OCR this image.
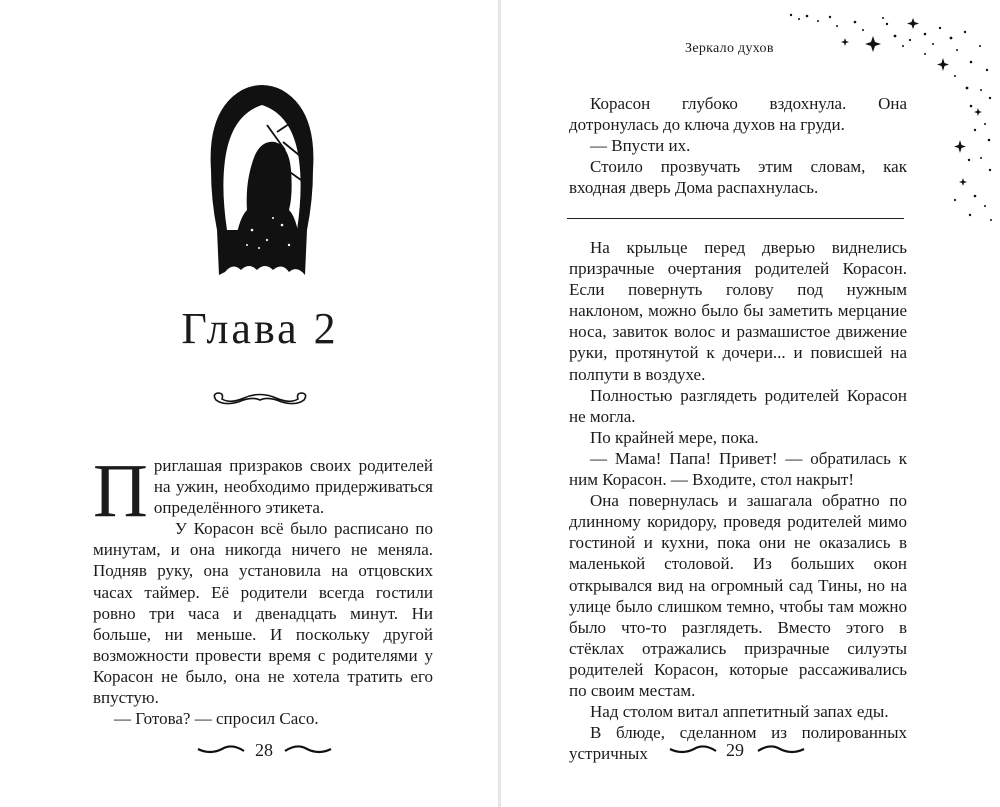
Глава 2

Приглашая призраков своих родителей на ужин, необходимо придерживаться определённого этикета.

У Корасон всё было расписано по минутам, и она никогда ничего не меняла. Подняв руку, она установила на отцовских часах таймер. Её родители всегда гостили ровно три часа и двенадцать минут. Ни больше, ни меньше. И поскольку другой возможности провести время с родителями у Корасон не было, она не хотела тратить его впустую.

— Готова? — спросил Сасо.

28
Зеркало духов

Корасон глубоко вздохнула. Она дотронулась до ключа духов на груди.

— Впусти их.

Стоило прозвучать этим словам, как входная дверь Дома распахнулась.

На крыльце перед дверью виднелись призрачные очертания родителей Корасон. Если повернуть голову под нужным наклоном, можно было бы заметить мерцание носа, завиток волос и размашистое движение руки, протянутой к дочери... и повисшей на полпути в воздухе.

Полностью разглядеть родителей Корасон не могла.

По крайней мере, пока.

— Мама! Папа! Привет! — обратилась к ним Корасон. — Входите, стол накрыт!

Она повернулась и зашагала обратно по длинному коридору, проведя родителей мимо гостиной и кухни, пока они не оказались в маленькой столовой. Из больших окон открывался вид на огромный сад Тины, но на улице было слишком темно, чтобы там можно было что-то разглядеть. Вместо этого в стёклах отражались призрачные силуэты родителей Корасон, которые рассаживались по своим местам.

Над столом витал аппетитный запах еды.

В блюде, сделанном из полированных устричных	29
